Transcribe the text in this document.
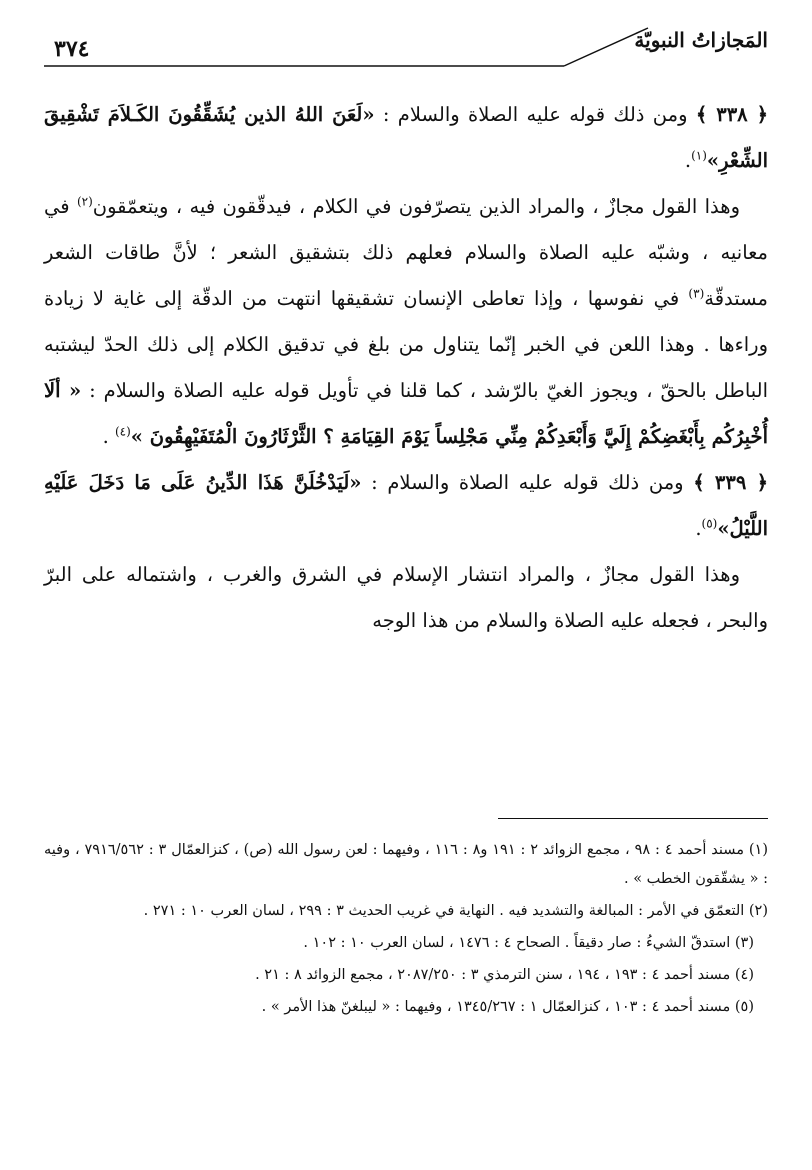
المَجازاتُ النبويّة
٣٧٤

﴿ ٣٣٨ ﴾ ومن ذلك قوله عليه الصلاة والسلام : «لَعَنَ اللهُ الذين يُشَقِّقُونَ الكَـلاَمَ تَشْقِيقَ الشِّعْرِ»$^{(١)}$.

وهذا القول مجازٌ ، والمراد الذين يتصرّفون في الكلام ، فيدقّقون فيه ، ويتعمّقون$^{(٢)}$ في معانيه ، وشبّه عليه الصلاة والسلام فعلهم ذلك بتشقيق الشعر ؛ لأنَّ طاقات الشعر مستدقّة$^{(٣)}$ في نفوسها ، وإذا تعاطى الإنسان تشقيقها انتهت من الدقّة إلى غاية لا زيادة وراءها . وهذا اللعن في الخبر إنّما يتناول من بلغ في تدقيق الكلام إلى ذلك الحدّ ليشتبه الباطل بالحقّ ، ويجوز الغيّ بالرّشد ، كما قلنا في تأويل قوله عليه الصلاة والسلام : « ألَا أُخْبِرُكُم بِأَبْغَضِكُمْ إِلَيَّ وَأَبْعَدِكُمْ مِنِّي مَجْلِساً يَوْمَ القِيَامَةِ ؟ الثَّرْثَارُونَ الْمُتَفَيْهِقُونَ »$^{(٤)}$ .

﴿ ٣٣٩ ﴾ ومن ذلك قوله عليه الصلاة والسلام : «لَيَدْخُلَنَّ هَذَا الدِّينُ عَلَى مَا دَخَلَ عَلَيْهِ اللَّيْلُ»$^{(٥)}$.

وهذا القول مجازٌ ، والمراد انتشار الإسلام في الشرق والغرب ، واشتماله على البرّ والبحر ، فجعله عليه الصلاة والسلام من هذا الوجه

(١) مسند أحمد ٤ : ٩٨ ، مجمع الزوائد ٢ : ١٩١ و٨ : ١١٦ ، وفيهما : لعن رسول الله (ص) ، كنزالعمّال ٣ : ٧٩١٦/٥٦٢ ، وفيه : « يشقّقون الخطب » .

(٢) التعمّق في الأمر : المبالغة والتشديد فيه . النهاية في غريب الحديث ٣ : ٢٩٩ ، لسان العرب ١٠ : ٢٧١ .

(٣) استدقّ الشيءُ : صار دقيقاً . الصحاح ٤ : ١٤٧٦ ، لسان العرب ١٠ : ١٠٢ .

(٤) مسند أحمد ٤ : ١٩٣ ، ١٩٤ ، سنن الترمذي ٣ : ٢٠٨٧/٢٥٠ ، مجمع الزوائد ٨ : ٢١ .

(٥) مسند أحمد ٤ : ١٠٣ ، كنزالعمّال ١ : ١٣٤٥/٢٦٧ ، وفيهما : « ليبلغنّ هذا الأمر » .
